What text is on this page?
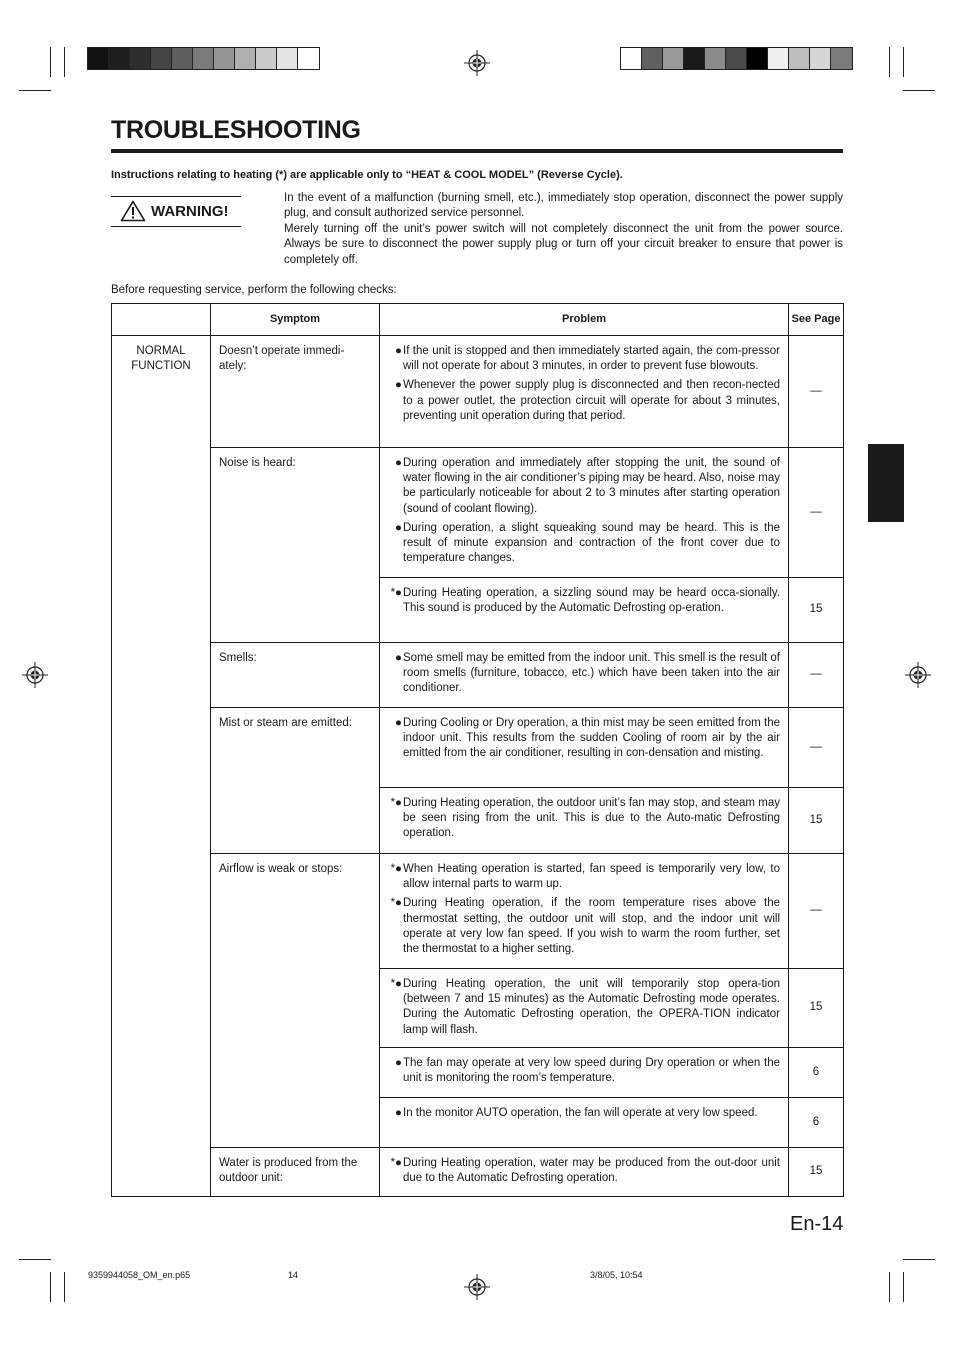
TROUBLESHOOTING
Instructions relating to heating (*) are applicable only to “HEAT & COOL MODEL” (Reverse Cycle).
WARNING!

In the event of a malfunction (burning smell, etc.), immediately stop operation, disconnect the power supply plug, and consult authorized service personnel.

Merely turning off the unit’s power switch will not completely disconnect the unit from the power source. Always be sure to disconnect the power supply plug or turn off your circuit breaker to ensure that power is completely off.

Before requesting service, perform the following checks:
	Symptom	Problem	See Page
NORMAL FUNCTION	Doesn’t operate immedi-ately:	● If the unit is stopped and then immediately started again, the com-pressor will not operate for about 3 minutes, in order to prevent fuse blowouts.
● Whenever the power supply plug is disconnected and then recon-nected to a power outlet, the protection circuit will operate for about 3 minutes, preventing unit operation during that period.	—
	Noise is heard:	● During operation and immediately after stopping the unit, the sound of water flowing in the air conditioner’s piping may be heard. Also, noise may be particularly noticeable for about 2 to 3 minutes after starting operation (sound of coolant flowing).
● During operation, a slight squeaking sound may be heard. This is the result of minute expansion and contraction of the front cover due to temperature changes.	—

		*● During Heating operation, a sizzling sound may be heard occa-sionally. This sound is produced by the Automatic Defrosting op-eration.	15
	Smells:	● Some smell may be emitted from the indoor unit. This smell is the result of room smells (furniture, tobacco, etc.) which have been taken into the air conditioner.	—
	Mist or steam are emitted:	● During Cooling or Dry operation, a thin mist may be seen emitted from the indoor unit. This results from the sudden Cooling of room air by the air emitted from the air conditioner, resulting in con-densation and misting.	—

		*● During Heating operation, the outdoor unit’s fan may stop, and steam may be seen rising from the unit. This is due to the Auto-matic Defrosting operation.	15
	Airflow is weak or stops:	*● When Heating operation is started, fan speed is temporarily very low, to allow internal parts to warm up.
*● During Heating operation, if the room temperature rises above the thermostat setting, the outdoor unit will stop, and the indoor unit will operate at very low fan speed. If you wish to warm the room further, set the thermostat to a higher setting.	—

		*● During Heating operation, the unit will temporarily stop opera-tion (between 7 and 15 minutes) as the Automatic Defrosting mode operates. During the Automatic Defrosting operation, the OPERA-TION indicator lamp will flash.	15

		● The fan may operate at very low speed during Dry operation or when the unit is monitoring the room’s temperature.	6

		● In the monitor AUTO operation, the fan will operate at very low speed.	6
	Water is produced from the outdoor unit:	*● During Heating operation, water may be produced from the out-door unit due to the Automatic Defrosting operation.	15
En-14
9359944058_OM_en.p65	14	3/8/05, 10:54
